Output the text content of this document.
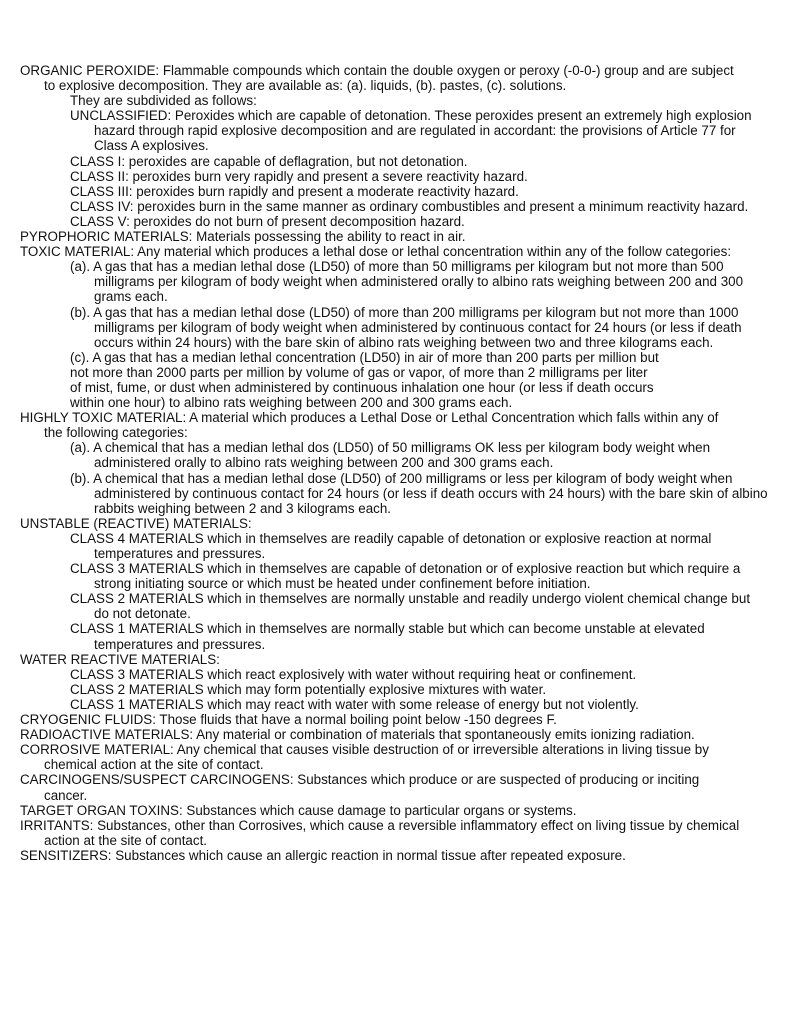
ORGANIC PEROXIDE: Flammable compounds which contain the double oxygen or peroxy (-0-0-) group and are subject
to explosive decomposition. They are available as: (a). liquids, (b). pastes, (c). solutions.
They are subdivided as follows:
UNCLASSIFIED: Peroxides which are capable of detonation. These peroxides present an extremely high explosion
hazard through rapid explosive decomposition and are regulated in accordant: the provisions of Article 77 for
Class A explosives.
CLASS I: peroxides are capable of deflagration, but not detonation.
CLASS II: peroxides burn very rapidly and present a severe reactivity hazard.
CLASS III: peroxides burn rapidly and present a moderate reactivity hazard.
CLASS IV: peroxides burn in the same manner as ordinary combustibles and present a minimum reactivity hazard.
CLASS V: peroxides do not burn of present decomposition hazard.
PYROPHORIC MATERIALS: Materials possessing the ability to react in air.
TOXIC MATERIAL: Any material which produces a lethal dose or lethal concentration within any of the follow categories:
(a). A gas that has a median lethal dose (LD50) of more than 50 milligrams per kilogram but not more than 500
milligrams per kilogram of body weight when administered orally to albino rats weighing between 200 and 300
grams each.
(b). A gas that has a median lethal dose (LD50) of more than 200 milligrams per kilogram but not more than 1000
milligrams per kilogram of body weight when administered by continuous contact for 24 hours (or less if death
occurs within 24 hours) with the bare skin of albino rats weighing between two and three kilograms each.
(c). A gas that has a median lethal concentration (LD50) in air of more than 200 parts per million but
not more than 2000 parts per million by volume of gas or vapor, of more than 2 milligrams per liter
of mist, fume, or dust when administered by continuous inhalation one hour (or less if death occurs
within one hour) to albino rats weighing between 200 and 300 grams each.
HIGHLY TOXIC MATERIAL: A material which produces a Lethal Dose or Lethal Concentration which falls within any of
the following categories:
(a). A chemical that has a median lethal dos (LD50) of 50 milligrams OK less per kilogram body weight when
administered orally to albino rats weighing between 200 and 300 grams each.
(b). A chemical that has a median lethal dose (LD50) of 200 milligrams or less per kilogram of body weight when
administered by continuous contact for 24 hours (or less if death occurs with 24 hours) with the bare skin of albino
rabbits weighing between 2 and 3 kilograms each.
UNSTABLE (REACTIVE) MATERIALS:
CLASS 4 MATERIALS which in themselves are readily capable of detonation or explosive reaction at normal
temperatures and pressures.
CLASS 3 MATERIALS which in themselves are capable of detonation or of explosive reaction but which require a
strong initiating source or which must be heated under confinement before initiation.
CLASS 2 MATERIALS which in themselves are normally unstable and readily undergo violent chemical change but
do not detonate.
CLASS 1 MATERIALS which in themselves are normally stable but which can become unstable at elevated
temperatures and pressures.
WATER REACTIVE MATERIALS:
CLASS 3 MATERIALS which react explosively with water without requiring heat or confinement.
CLASS 2 MATERIALS which may form potentially explosive mixtures with water.
CLASS 1 MATERIALS which may react with water with some release of energy but not violently.
CRYOGENIC FLUIDS: Those fluids that have a normal boiling point below -150 degrees F.
RADIOACTIVE MATERIALS: Any material or combination of materials that spontaneously emits ionizing radiation.
CORROSIVE MATERIAL: Any chemical that causes visible destruction of or irreversible alterations in living tissue by
chemical action at the site of contact.
CARCINOGENS/SUSPECT CARCINOGENS: Substances which produce or are suspected of producing or inciting
cancer.
TARGET ORGAN TOXINS: Substances which cause damage to particular organs or systems.
IRRITANTS: Substances, other than Corrosives, which cause a reversible inflammatory effect on living tissue by chemical
action at the site of contact.
SENSITIZERS: Substances which cause an allergic reaction in normal tissue after repeated exposure.
